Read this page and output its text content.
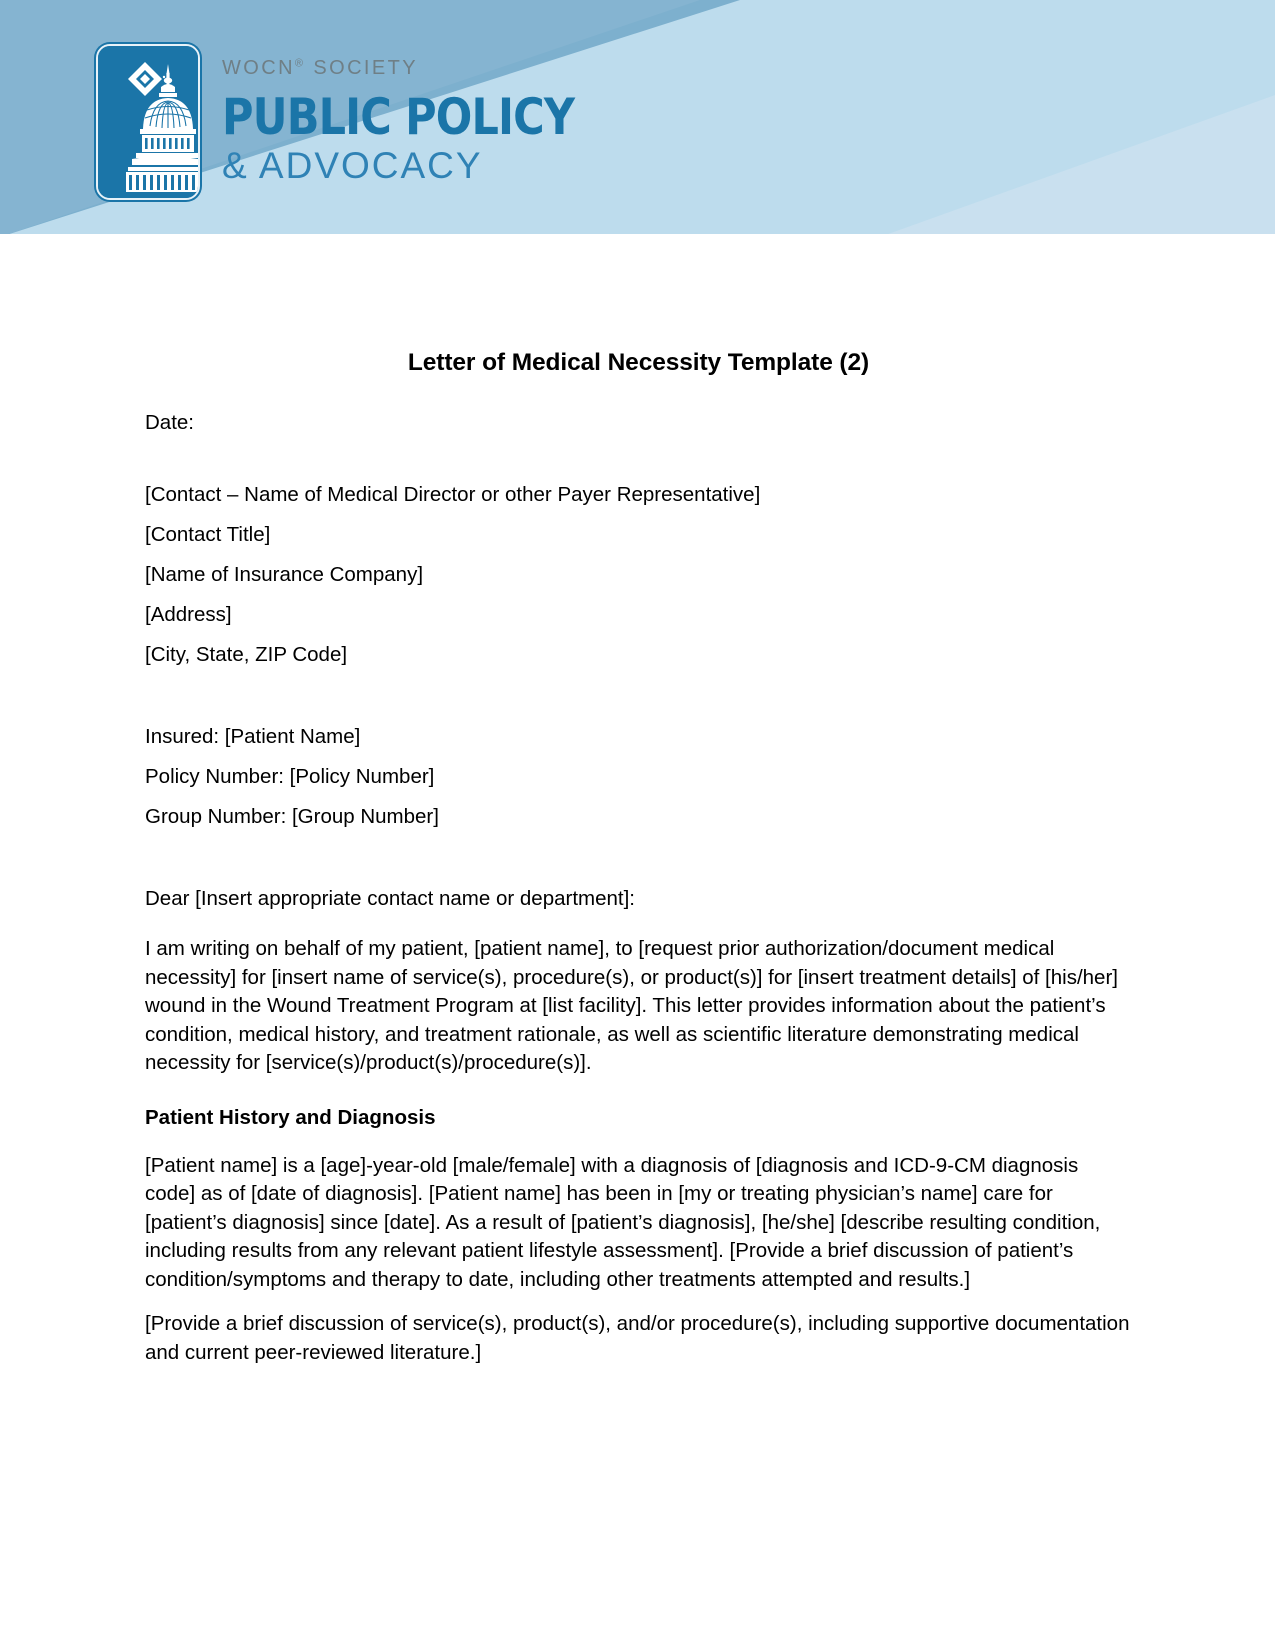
WOCN® SOCIETY
PUBLIC POLICY
& ADVOCACY
Letter of Medical Necessity Template (2)

Date:

[Contact – Name of Medical Director or other Payer Representative]

[Contact Title]

[Name of Insurance Company]

[Address]

[City, State, ZIP Code]

Insured: [Patient Name]

Policy Number: [Policy Number]

Group Number: [Group Number]

Dear [Insert appropriate contact name or department]:

I am writing on behalf of my patient, [patient name], to [request prior authorization/document medical necessity] for [insert name of service(s), procedure(s), or product(s)] for [insert treatment details] of [his/her] wound in the Wound Treatment Program at [list facility]. This letter provides information about the patient’s condition, medical history, and treatment rationale, as well as scientific literature demonstrating medical necessity for [service(s)/product(s)/procedure(s)].

Patient History and Diagnosis

[Patient name] is a [age]-year-old [male/female] with a diagnosis of [diagnosis and ICD-9-CM diagnosis code] as of [date of diagnosis]. [Patient name] has been in [my or treating physician’s name] care for [patient’s diagnosis] since [date]. As a result of [patient’s diagnosis], [he/she] [describe resulting condition, including results from any relevant patient lifestyle assessment]. [Provide a brief discussion of patient’s condition/symptoms and therapy to date, including other treatments attempted and results.]

[Provide a brief discussion of service(s), product(s), and/or procedure(s), including supportive documentation and current peer-reviewed literature.]
